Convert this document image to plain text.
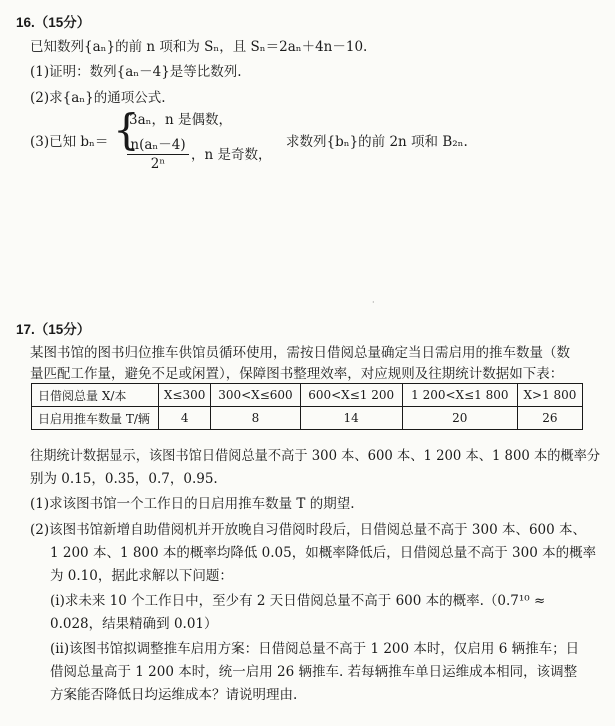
16.（15分）
已知数列{aₙ}的前 n 项和为 Sₙ，且 Sₙ＝2aₙ＋4n－10.
(1)证明：数列{aₙ－4}是等比数列.
(2)求{aₙ}的通项公式.
(3)已知 bₙ＝ {
3aₙ，n 是偶数，
n(aₙ－4)
2ⁿ
，n 是奇数，
求数列{bₙ}的前 2n 项和 B₂ₙ.
·
17.（15分）
某图书馆的图书归位推车供馆员循环使用，需按日借阅总量确定当日需启用的推车数量（数
量匹配工作量，避免不足或闲置），保障图书整理效率，对应规则及往期统计数据如下表：
日借阅总量 X/本	X≤300	300<X≤600	600<X≤1 200	1 200<X≤1 800	X>1 800
日启用推车数量 T/辆	4	8	14	20	26
往期统计数据显示，该图书馆日借阅总量不高于 300 本、600 本、1 200 本、1 800 本的概率分
别为 0.15，0.35，0.7，0.95.
(1)求该图书馆一个工作日的日启用推车数量 T 的期望.
(2)该图书馆新增自助借阅机并开放晚自习借阅时段后，日借阅总量不高于 300 本、600 本、
1 200 本、1 800 本的概率均降低 0.05，如概率降低后，日借阅总量不高于 300 本的概率
为 0.10，据此求解以下问题：
(ⅰ)求未来 10 个工作日中，至少有 2 天日借阅总量不高于 600 本的概率.（0.7¹⁰ ≈
0.028，结果精确到 0.01）
(ⅱ)该图书馆拟调整推车启用方案：日借阅总量不高于 1 200 本时，仅启用 6 辆推车；日
借阅总量高于 1 200 本时，统一启用 26 辆推车. 若每辆推车单日运维成本相同，该调整
方案能否降低日均运维成本？请说明理由.
